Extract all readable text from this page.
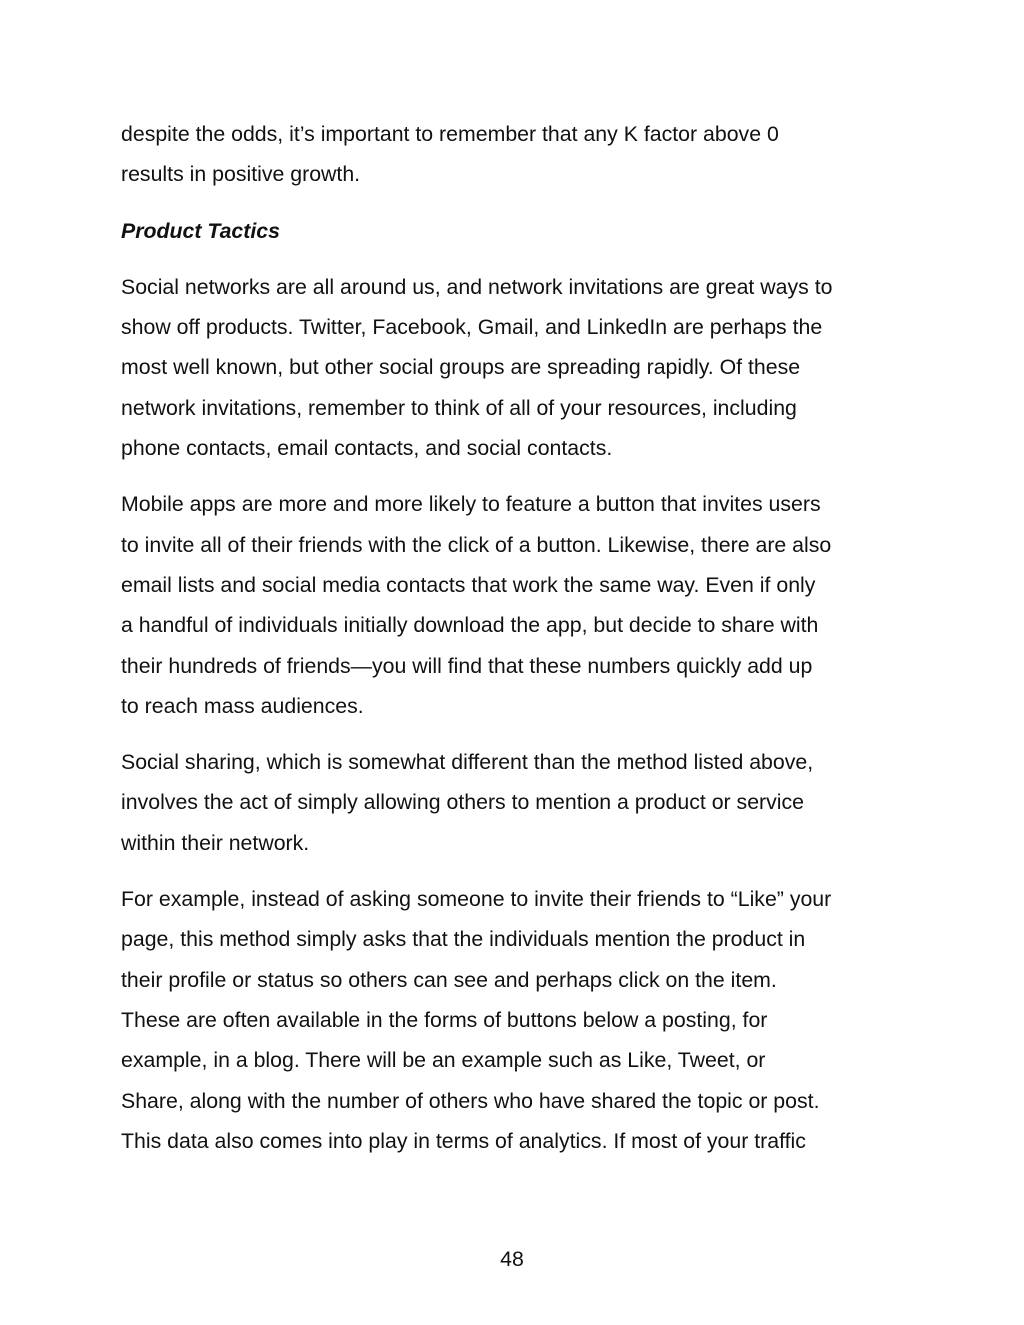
despite the odds, it’s important to remember that any K factor above 0
results in positive growth.
Product Tactics
Social networks are all around us, and network invitations are great ways to
show off products. Twitter, Facebook, Gmail, and LinkedIn are perhaps the
most well known, but other social groups are spreading rapidly. Of these
network invitations, remember to think of all of your resources, including
phone contacts, email contacts, and social contacts.
Mobile apps are more and more likely to feature a button that invites users
to invite all of their friends with the click of a button. Likewise, there are also
email lists and social media contacts that work the same way. Even if only
a handful of individuals initially download the app, but decide to share with
their hundreds of friends—you will find that these numbers quickly add up
to reach mass audiences.
Social sharing, which is somewhat different than the method listed above,
involves the act of simply allowing others to mention a product or service
within their network.
For example, instead of asking someone to invite their friends to “Like” your
page, this method simply asks that the individuals mention the product in
their profile or status so others can see and perhaps click on the item.
These are often available in the forms of buttons below a posting, for
example, in a blog. There will be an example such as Like, Tweet, or
Share, along with the number of others who have shared the topic or post.
This data also comes into play in terms of analytics. If most of your traffic
48
